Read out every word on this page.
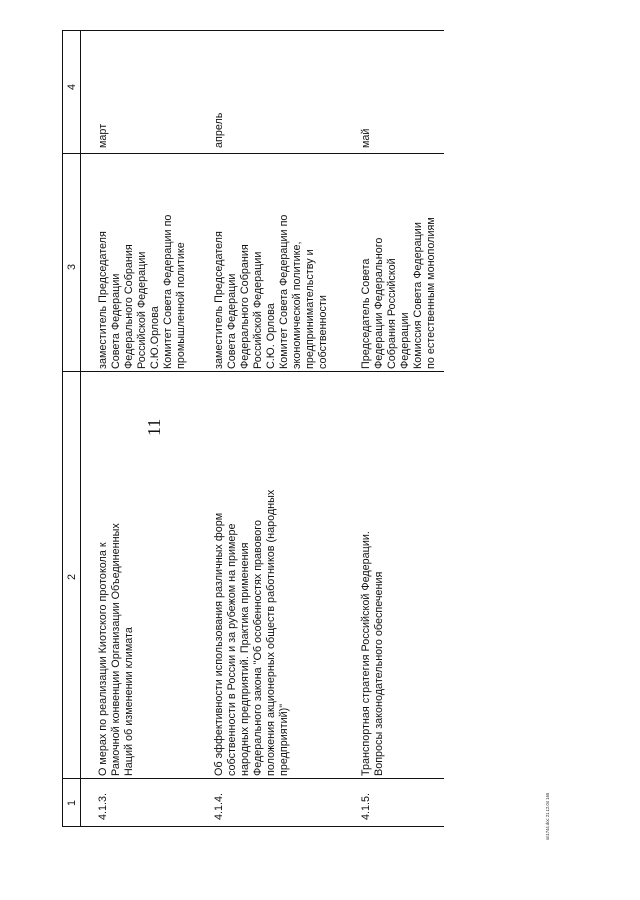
1
2
3
4
4.1.3.
О мерах по реализации Киотского протокола к
Рамочной конвенции Организации Объединенных
Наций об изменении климата
заместитель Председателя
Совета Федерации
Федерального Собрания
Российской Федерации
С.Ю.Орлова
Комитет Совета Федерации по
промышленной политике
март
4.1.4.
Об эффективности использования различных форм
собственности в России и за рубежом на примере
народных предприятий. Практика применения
Федерального закона "Об особенностях правового
положения акционерных обществ работников (народных
предприятий)"
заместитель Председателя
Совета Федерации
Федерального Собрания
Российской Федерации
С.Ю. Орлова
Комитет Совета Федерации по
экономической политике,
предпринимательству и
собственности
апрель
4.1.5.
Транспортная стратегия Российской Федерации.
Вопросы законодательного обеспечения
Председатель Совета
Федерации Федерального
Собрания Российской
Федерации
Комиссия Совета Федерации
по естественным монополиям
май
11
sn1744.doc 21.12.04 165
